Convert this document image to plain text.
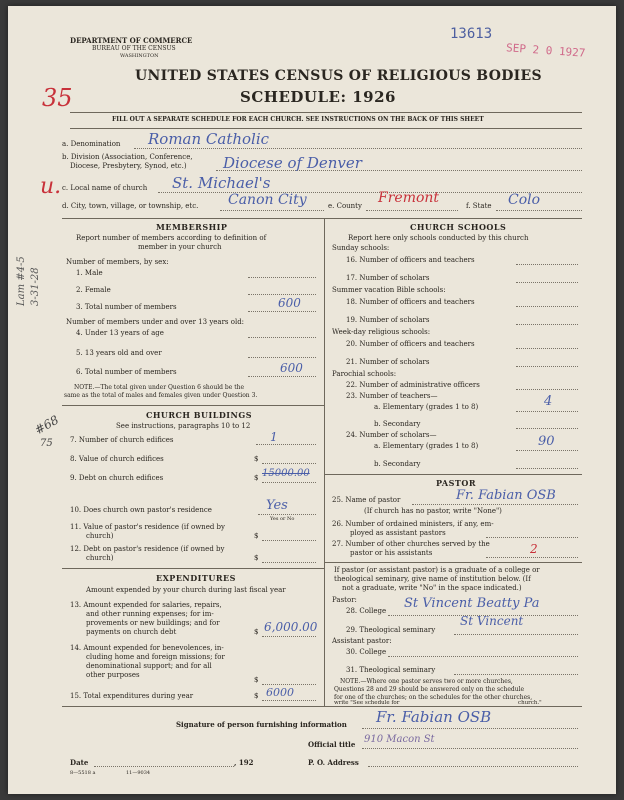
DEPARTMENT OF COMMERCE
BUREAU OF THE CENSUS
WASHINGTON
13613
SEP 2 0 1927
35
u.
UNITED STATES CENSUS OF RELIGIOUS BODIES
SCHEDULE: 1926
FILL OUT A SEPARATE SCHEDULE FOR EACH CHURCH. SEE INSTRUCTIONS ON THE BACK OF THIS SHEET
a. Denomination Roman Catholic
b. Division (Association, Conference,
Diocese, Presbytery, Synod, etc.) Diocese of Denver
c. Local name of church St. Michael's
d. City, town, village, or township, etc. Canon City	e. County Fremont	f. State Colo
Lam #4-5 3-31-28
#68
75
MEMBERSHIP
Report number of members according to definition of
member in your church
Number of members, by sex:
1. Male
2. Female
3. Total number of members	600
Number of members under and over 13 years old:
4. Under 13 years of age
5. 13 years old and over
6. Total number of members	600
NOTE.—The total given under Question 6 should be the
same as the total of males and females given under Question 3.
CHURCH BUILDINGS
See instructions, paragraphs 10 to 12
7. Number of church edifices	1
8. Value of church edifices	$
9. Debt on church edifices	$ 15000.00
10. Does church own pastor's residence	Yes
Yes or No
11. Value of pastor's residence (if owned by
church)	$
12. Debt on pastor's residence (if owned by
church)	$
EXPENDITURES
Amount expended by your church during last fiscal year
13. Amount expended for salaries, repairs,
and other running expenses; for im-
provements or new buildings; and for
payments on church debt	$ 6,000.00
14. Amount expended for benevolences, in-
cluding home and foreign missions; for
denominational support; and for all
other purposes
$
15. Total expenditures during year	$ 6000
CHURCH SCHOOLS
Report here only schools conducted by this church
Sunday schools:
16. Number of officers and teachers
17. Number of scholars
Summer vacation Bible schools:
18. Number of officers and teachers
19. Number of scholars
Week-day religious schools:
20. Number of officers and teachers
21. Number of scholars
Parochial schools:
22. Number of administrative officers
23. Number of teachers—
a. Elementary (grades 1 to 8)	4
b. Secondary
24. Number of scholars—
a. Elementary (grades 1 to 8)	90
b. Secondary
PASTOR
25. Name of pastor	Fr. Fabian OSB
(If church has no pastor, write "None")
26. Number of ordained ministers, if any, em-
ployed as assistant pastors
27. Number of other churches served by the
pastor or his assistants	2
If pastor (or assistant pastor) is a graduate of a college or
theological seminary, give name of institution below. (If
not a graduate, write "No" in the space indicated.)
Pastor:
28. College St Vincent Beatty Pa
29. Theological seminary
St Vincent
Assistant pastor:
30. College
31. Theological seminary
NOTE.—Where one pastor serves two or more churches,
Questions 28 and 29 should be answered only on the schedule
for one of the churches; on the schedules for the other churches,
write "See schedule for	church."
Signature of person furnishing information Fr. Fabian OSB
Official title 910 Macon St
Date	, 192	P. O. Address
8—5518 a	11—9034
